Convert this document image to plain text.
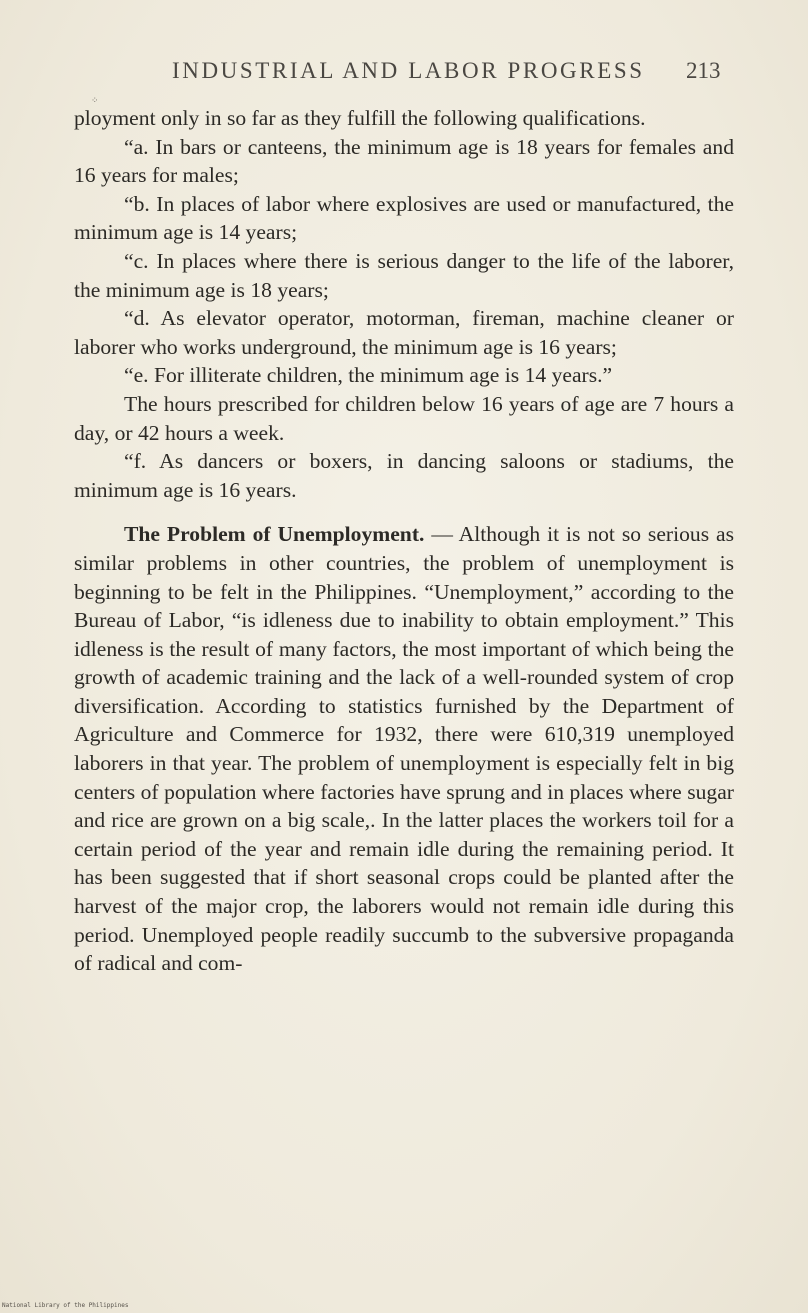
INDUSTRIAL AND LABOR PROGRESS 213
⁘

ployment only in so far as they fulfill the following qualifications.

“a. In bars or canteens, the minimum age is 18 years for females and 16 years for males;

“b. In places of labor where explosives are used or manufactured, the minimum age is 14 years;

“c. In places where there is serious danger to the life of the laborer, the minimum age is 18 years;

“d. As elevator operator, motorman, fireman, machine cleaner or laborer who works underground, the minimum age is 16 years;

“e. For illiterate children, the minimum age is 14 years.”

The hours prescribed for children below 16 years of age are 7 hours a day, or 42 hours a week.

“f. As dancers or boxers, in dancing saloons or stadiums, the minimum age is 16 years.

The Problem of Unemployment. — Although it is not so serious as similar problems in other countries, the problem of unemployment is beginning to be felt in the Philippines. “Unemployment,” according to the Bureau of Labor, “is idleness due to inability to obtain employment.” This idleness is the result of many factors, the most important of which being the growth of academic training and the lack of a well-rounded system of crop diversification. According to statistics furnished by the Department of Agriculture and Commerce for 1932, there were 610,319 unemployed laborers in that year. The problem of unemployment is especially felt in big centers of population where factories have sprung and in places where sugar and rice are grown on a big scale,. In the latter places the workers toil for a certain period of the year and remain idle during the remaining period. It has been suggested that if short seasonal crops could be planted after the harvest of the major crop, the laborers would not remain idle during this period. Unemployed people readily succumb to the subversive propaganda of radical and com-

National Library of the Philippines
